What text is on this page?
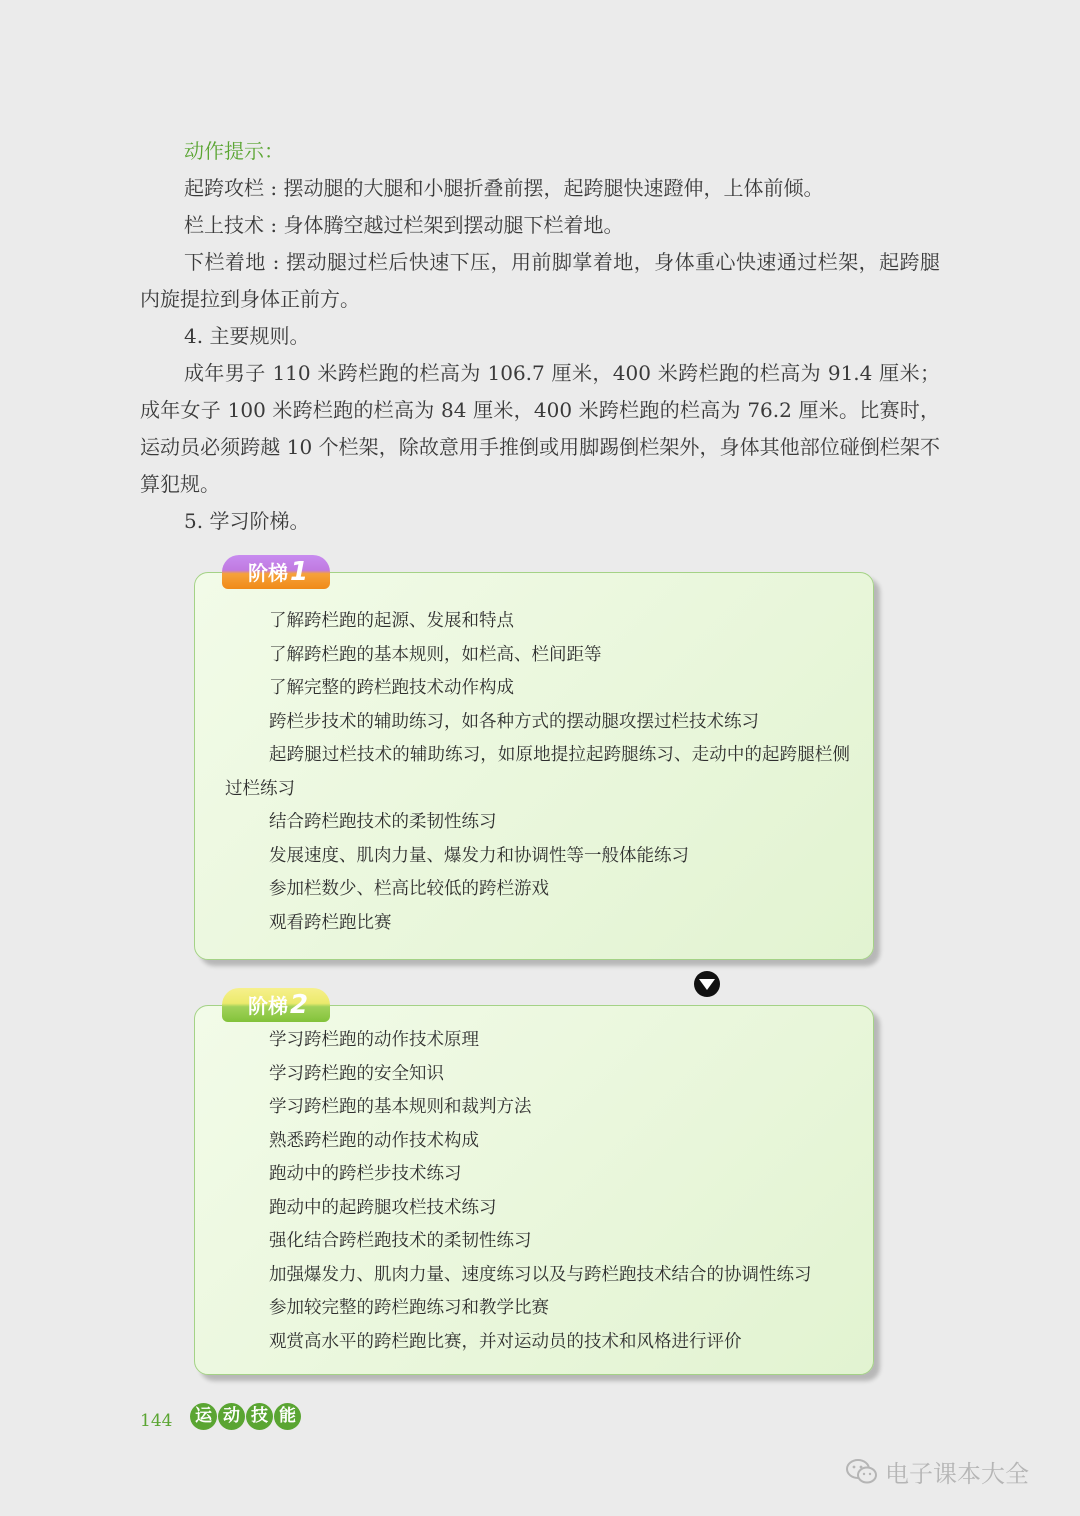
动作提示：

起跨攻栏 : 摆动腿的大腿和小腿折叠前摆，起跨腿快速蹬伸，上体前倾。

栏上技术 : 身体腾空越过栏架到摆动腿下栏着地。

下栏着地 : 摆动腿过栏后快速下压，用前脚掌着地，身体重心快速通过栏架，起跨腿内旋提拉到身体正前方。

4. 主要规则。

成年男子 110 米跨栏跑的栏高为 106.7 厘米，400 米跨栏跑的栏高为 91.4 厘米；成年女子 100 米跨栏跑的栏高为 84 厘米，400 米跨栏跑的栏高为 76.2 厘米。比赛时，运动员必须跨越 10 个栏架，除故意用手推倒或用脚踢倒栏架外，身体其他部位碰倒栏架不算犯规。

5. 学习阶梯。

阶梯1
了解跨栏跑的起源、发展和特点
了解跨栏跑的基本规则，如栏高、栏间距等
了解完整的跨栏跑技术动作构成
跨栏步技术的辅助练习，如各种方式的摆动腿攻摆过栏技术练习
起跨腿过栏技术的辅助练习，如原地提拉起跨腿练习、走动中的起跨腿栏侧过栏练习
结合跨栏跑技术的柔韧性练习
发展速度、肌肉力量、爆发力和协调性等一般体能练习
参加栏数少、栏高比较低的跨栏游戏
观看跨栏跑比赛
阶梯2
学习跨栏跑的动作技术原理
学习跨栏跑的安全知识
学习跨栏跑的基本规则和裁判方法
熟悉跨栏跑的动作技术构成
跑动中的跨栏步技术练习
跑动中的起跨腿攻栏技术练习
强化结合跨栏跑技术的柔韧性练习
加强爆发力、肌肉力量、速度练习以及与跨栏跑技术结合的协调性练习
参加较完整的跨栏跑练习和教学比赛
观赏高水平的跨栏跑比赛，并对运动员的技术和风格进行评价
144 运 动 技 能
电子课本大全
